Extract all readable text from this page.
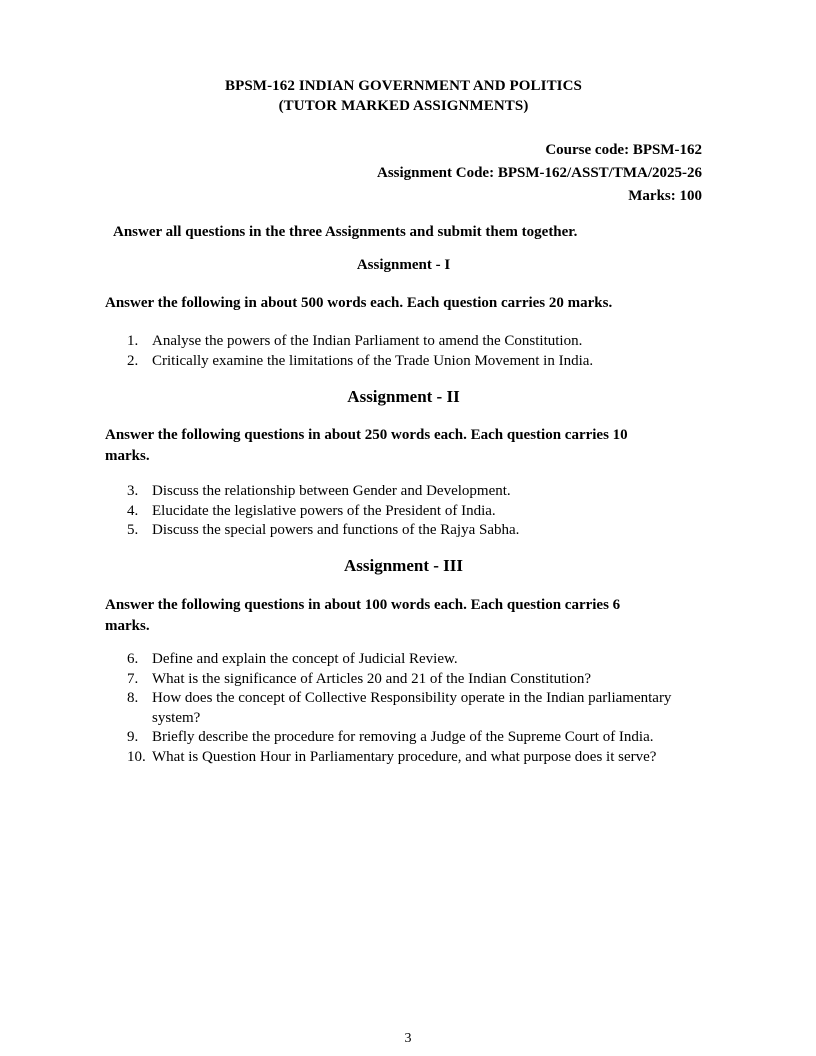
BPSM-162 INDIAN GOVERNMENT AND POLITICS
(TUTOR MARKED ASSIGNMENTS)
Course code: BPSM-162
Assignment Code: BPSM-162/ASST/TMA/2025-26
Marks: 100
Answer all questions in the three Assignments and submit them together.
Assignment - I
Answer the following in about 500 words each. Each question carries 20 marks.
1. Analyse the powers of the Indian Parliament to amend the Constitution.
2. Critically examine the limitations of the Trade Union Movement in India.
Assignment - II
Answer the following questions in about 250 words each. Each question carries 10 marks.
3. Discuss the relationship between Gender and Development.
4. Elucidate the legislative powers of the President of India.
5. Discuss the special powers and functions of the Rajya Sabha.
Assignment - III
Answer the following questions in about 100 words each. Each question carries 6 marks.
6. Define and explain the concept of Judicial Review.
7. What is the significance of Articles 20 and 21 of the Indian Constitution?
8. How does the concept of Collective Responsibility operate in the Indian parliamentary system?
9. Briefly describe the procedure for removing a Judge of the Supreme Court of India.
10. What is Question Hour in Parliamentary procedure, and what purpose does it serve?
3
